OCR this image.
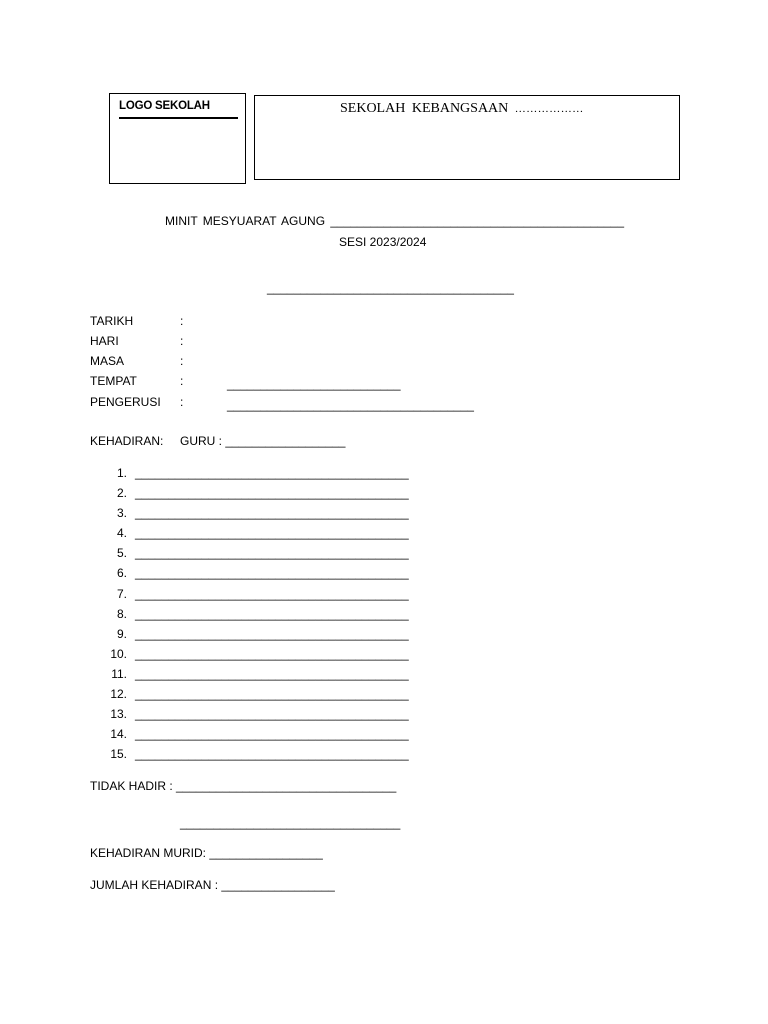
LOGO SEKOLAH	SEKOLAH KEBANGSAAN ………………
MINIT MESYUARAT AGUNG ____________________________________________
SESI 2023/2024
_____________________________________
TARIKH	:
HARI	:
MASA	:
TEMPAT	:	__________________________
PENGERUSI :	_____________________________________
KEHADIRAN: GURU : __________________
1. _________________________________________
2. _________________________________________
3. _________________________________________
4. _________________________________________
5. _________________________________________
6. _________________________________________
7. _________________________________________
8. _________________________________________
9. _________________________________________
10. _________________________________________
11. _________________________________________
12. _________________________________________
13. _________________________________________
14. _________________________________________
15. _________________________________________
TIDAK HADIR : _________________________________
_________________________________
KEHADIRAN MURID: _________________
JUMLAH KEHADIRAN : _________________
